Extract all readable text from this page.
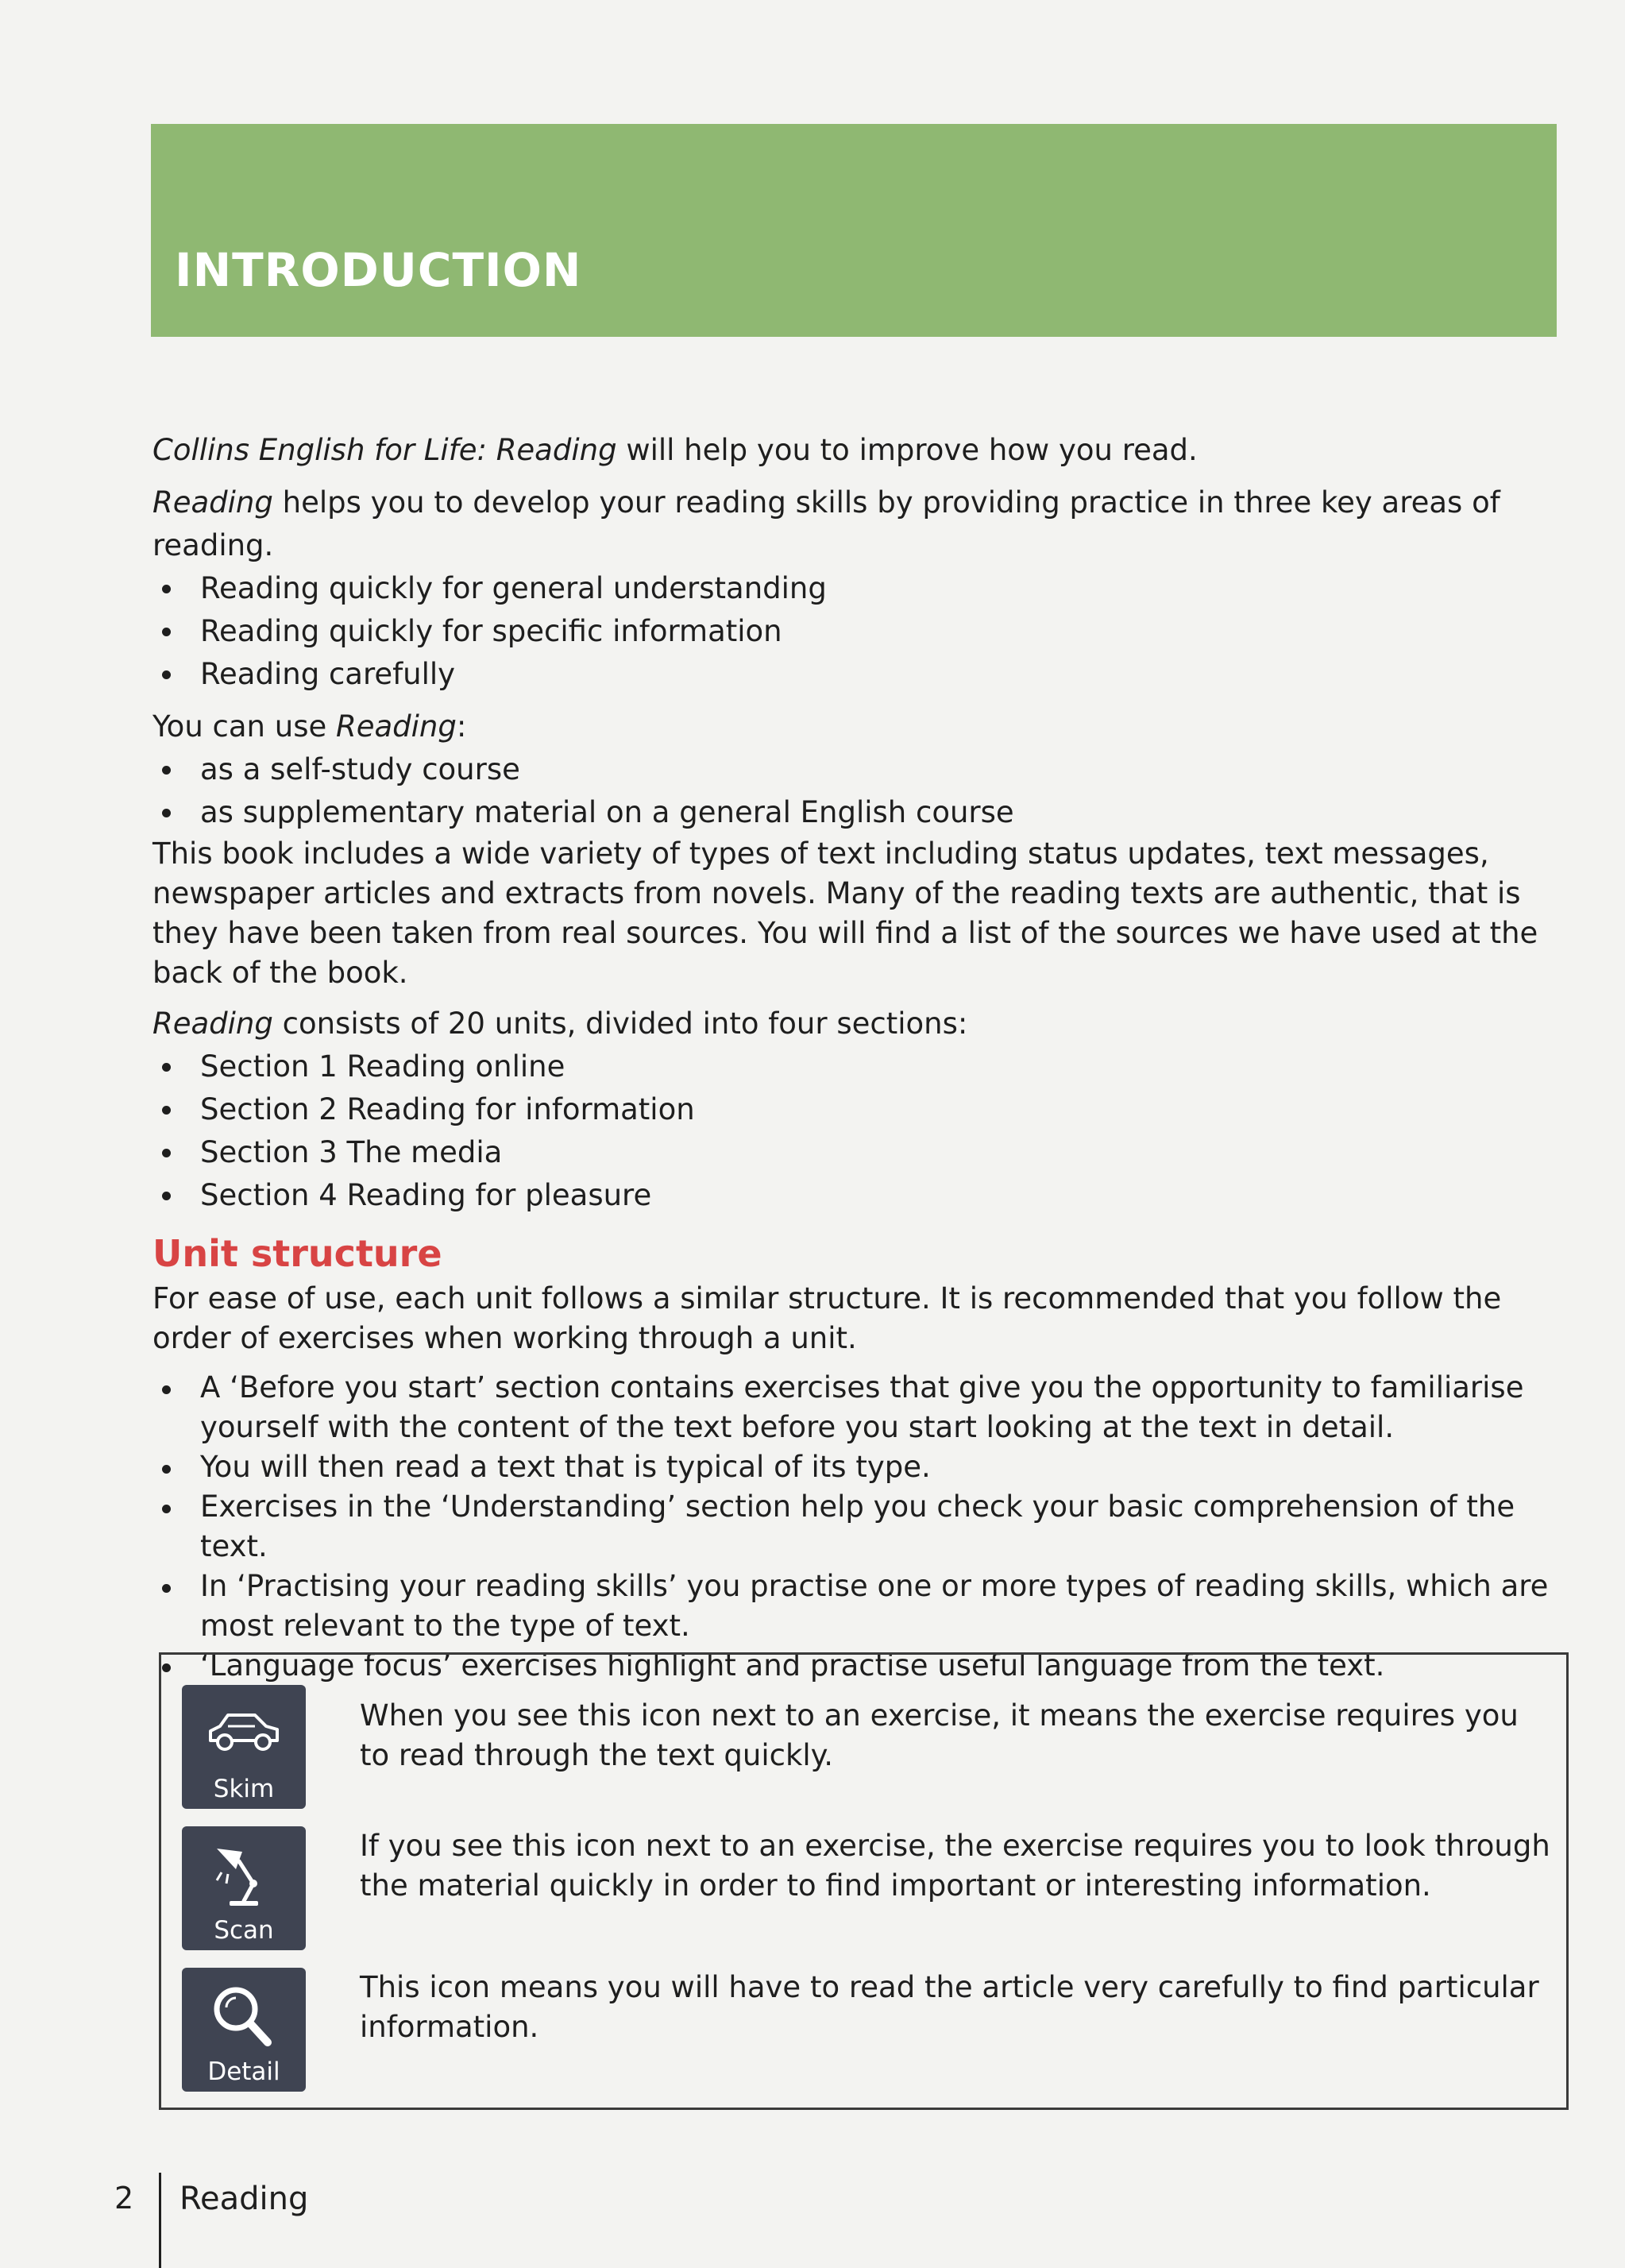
INTRODUCTION

Collins English for Life: Reading will help you to improve how you read.

Reading helps you to develop your reading skills by providing practice in three key areas of reading.

Reading quickly for general understanding
Reading quickly for specific information
Reading carefully

You can use Reading:

as a self-study course
as supplementary material on a general English course

This book includes a wide variety of types of text including status updates, text messages, newspaper articles and extracts from novels. Many of the reading texts are authentic, that is they have been taken from real sources. You will find a list of the sources we have used at the back of the book.

Reading consists of 20 units, divided into four sections:

Section 1 Reading online
Section 2 Reading for information
Section 3 The media
Section 4 Reading for pleasure
Unit structure

For ease of use, each unit follows a similar structure. It is recommended that you follow the order of exercises when working through a unit.

A ‘Before you start’ section contains exercises that give you the opportunity to familiarise yourself with the content of the text before you start looking at the text in detail.
You will then read a text that is typical of its type.
Exercises in the ‘Understanding’ section help you check your basic comprehension of the text.
In ‘Practising your reading skills’ you practise one or more types of reading skills, which are most relevant to the type of text.
‘Language focus’ exercises highlight and practise useful language from the text.
Skim
When you see this icon next to an exercise, it means the exercise requires you to read through the text quickly.
Scan
If you see this icon next to an exercise, the exercise requires you to look through the material quickly in order to find important or interesting information.
Detail
This icon means you will have to read the article very carefully to find particular information.
2 Reading
